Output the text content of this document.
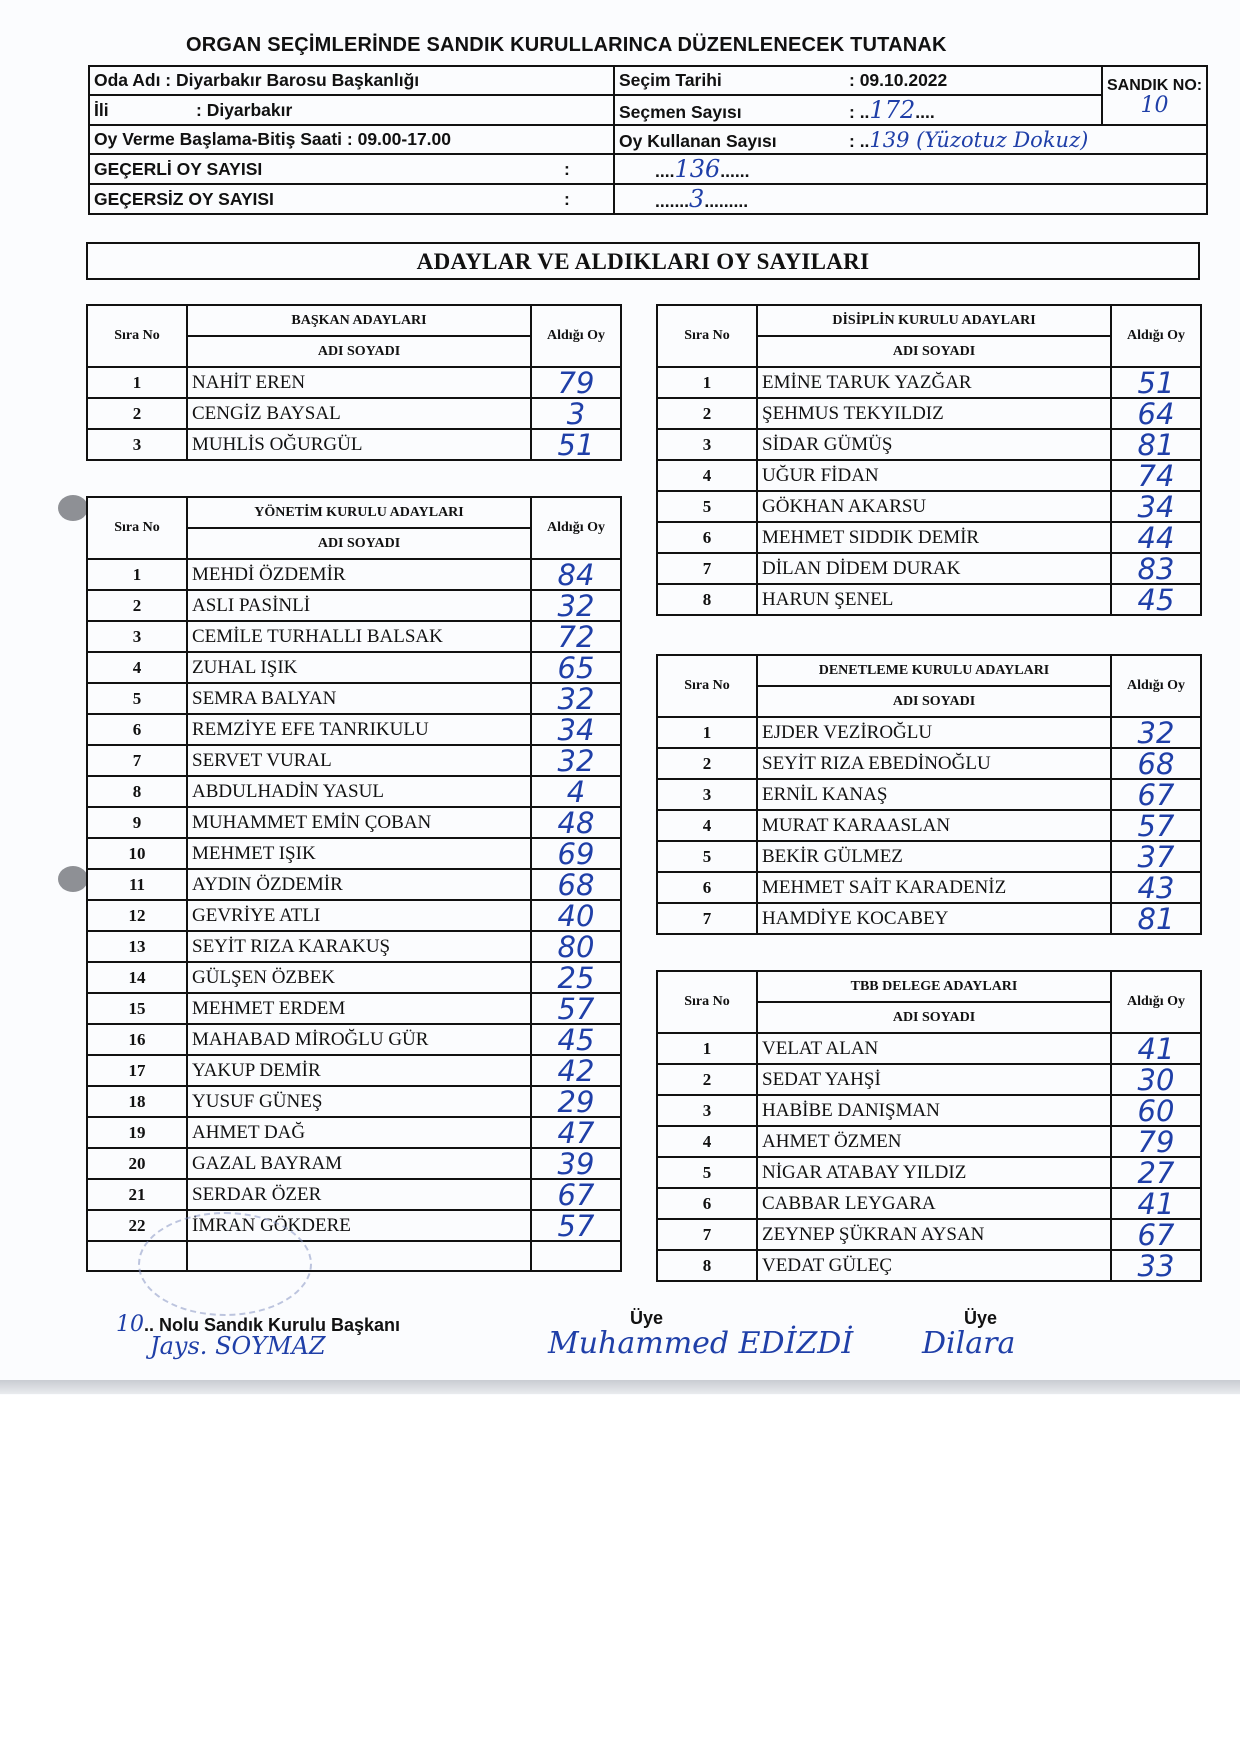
ORGAN SEÇİMLERİNDE SANDIK KURULLARINCA DÜZENLENECEK TUTANAK
Oda Adı : Diyarbakır Barosu Başkanlığı	Seçim Tarihi : 09.10.2022	SANDIK NO:
10

İli : Diyarbakır	Seçmen Sayısı : ..172....	
Oy Verme Başlama-Bitiş Saati : 09.00-17.00	Oy Kullanan Sayısı : ..139 (Yüzotuz Dokuz)	
GEÇERLİ OY SAYISI :	....136......	
GEÇERSİZ OY SAYISI :	.......3.........	
ADAYLAR VE ALDIKLARI OY SAYILARI
Sıra No	BAŞKAN ADAYLARI	Aldığı Oy
	ADI SOYADI	
1	NAHİT EREN	79
2	CENGİZ BAYSAL	3
3	MUHLİS OĞURGÜL	51
Sıra No	YÖNETİM KURULU ADAYLARI	Aldığı Oy
	ADI SOYADI	
1	MEHDİ ÖZDEMİR	84
2	ASLI PASİNLİ	32
3	CEMİLE TURHALLI BALSAK	72
4	ZUHAL IŞIK	65
5	SEMRA BALYAN	32
6	REMZİYE EFE TANRIKULU	34
7	SERVET VURAL	32
8	ABDULHADİN YASUL	4
9	MUHAMMET EMİN ÇOBAN	48
10	MEHMET IŞIK	69
11	AYDIN ÖZDEMİR	68
12	GEVRİYE ATLI	40
13	SEYİT RIZA KARAKUŞ	80
14	GÜLŞEN ÖZBEK	25
15	MEHMET ERDEM	57
16	MAHABAD MİROĞLU GÜR	45
17	YAKUP DEMİR	42
18	YUSUF GÜNEŞ	29
19	AHMET DAĞ	47
20	GAZAL BAYRAM	39
21	SERDAR ÖZER	67
22	İMRAN GÖKDERE	57

Sıra No	DİSİPLİN KURULU ADAYLARI	Aldığı Oy
	ADI SOYADI	
1	EMİNE TARUK YAZĞAR	51
2	ŞEHMUS TEKYILDIZ	64
3	SİDAR GÜMÜŞ	81
4	UĞUR FİDAN	74
5	GÖKHAN AKARSU	34
6	MEHMET SIDDIK DEMİR	44
7	DİLAN DİDEM DURAK	83
8	HARUN ŞENEL	45
Sıra No	DENETLEME KURULU ADAYLARI	Aldığı Oy
	ADI SOYADI	
1	EJDER VEZİROĞLU	32
2	SEYİT RIZA EBEDİNOĞLU	68
3	ERNİL KANAŞ	67
4	MURAT KARAASLAN	57
5	BEKİR GÜLMEZ	37
6	MEHMET SAİT KARADENİZ	43
7	HAMDİYE KOCABEY	81
Sıra No	TBB DELEGE ADAYLARI	Aldığı Oy
	ADI SOYADI	
1	VELAT ALAN	41
2	SEDAT YAHŞİ	30
3	HABİBE DANIŞMAN	60
4	AHMET ÖZMEN	79
5	NİGAR ATABAY YILDIZ	27
6	CABBAR LEYGARA	41
7	ZEYNEP ŞÜKRAN AYSAN	67
8	VEDAT GÜLEÇ	33
10.. Nolu Sandık Kurulu Başkanı
Jays. SOYMAZ
Üye
Muhammed EDİZDİ
Üye
Dilara
